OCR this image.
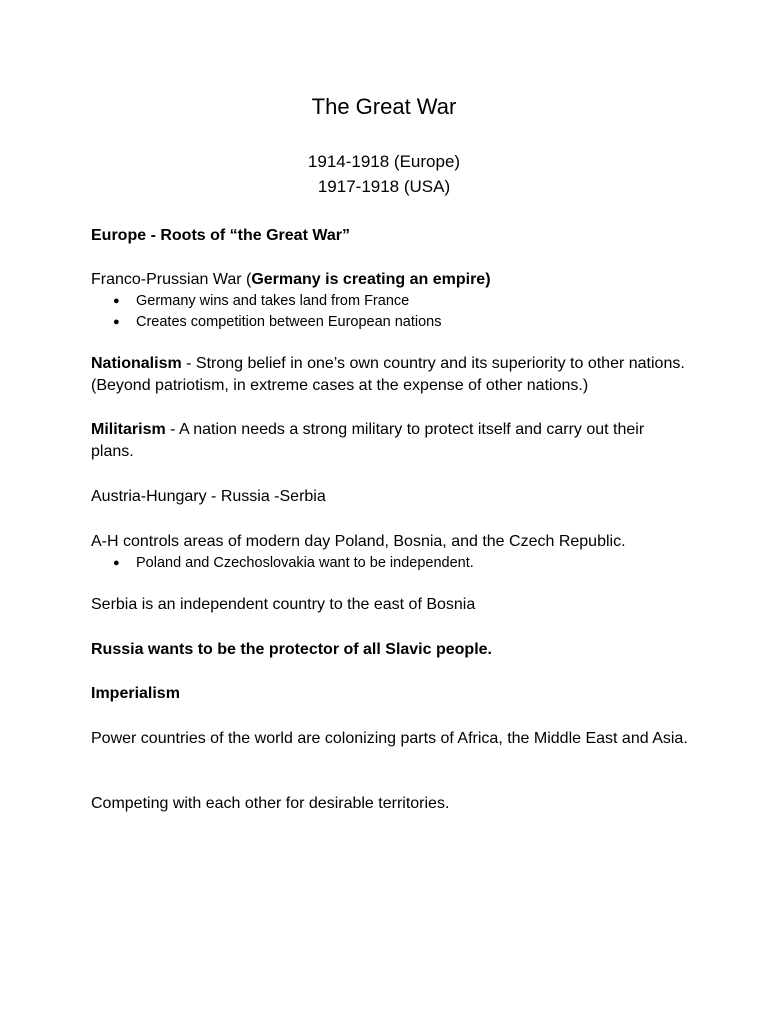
The Great War
1914-1918 (Europe)
1917-1918 (USA)
Europe - Roots of “the Great War”
Franco-Prussian War (Germany is creating an empire)
● Germany wins and takes land from France
● Creates competition between European nations
Nationalism - Strong belief in one’s own country and its superiority to other nations. (Beyond patriotism, in extreme cases at the expense of other nations.)
Militarism - A nation needs a strong military to protect itself and carry out their plans.
Austria-Hungary - Russia -Serbia
A-H controls areas of modern day Poland, Bosnia, and the Czech Republic.
● Poland and Czechoslovakia want to be independent.
Serbia is an independent country to the east of Bosnia
Russia wants to be the protector of all Slavic people.
Imperialism
Power countries of the world are colonizing parts of Africa, the Middle East and Asia.
Competing with each other for desirable territories.
